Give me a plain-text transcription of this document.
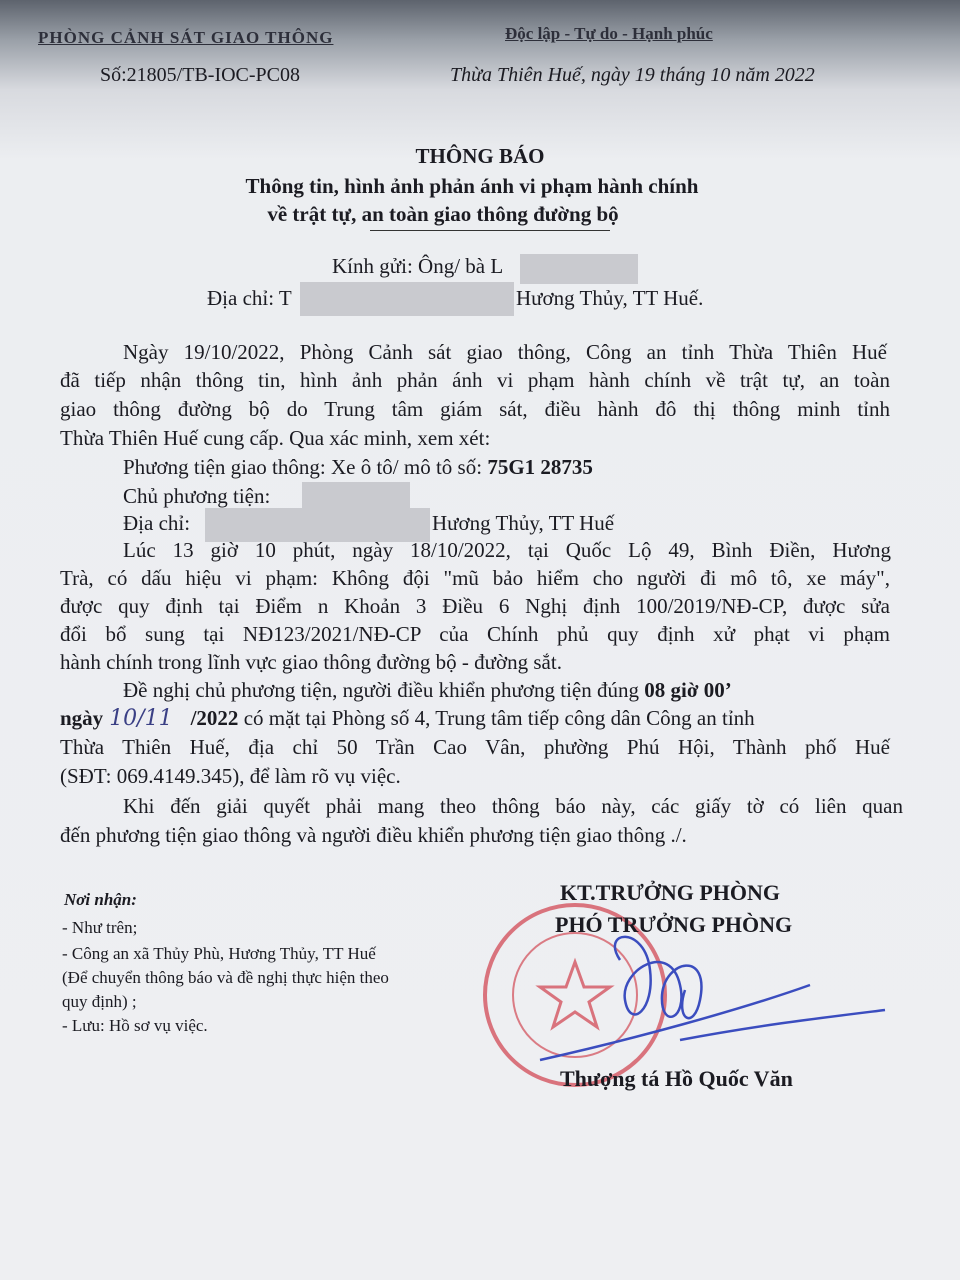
PHÒNG CẢNH SÁT GIAO THÔNG	Độc lập - Tự do - Hạnh phúc
Số:21805/TB-IOC-PC08	Thừa Thiên Huế, ngày 19 tháng 10 năm 2022
THÔNG BÁO
Thông tin, hình ảnh phản ánh vi phạm hành chính
về trật tự, an toàn giao thông đường bộ
Kính gửi: Ông/ bà L
Địa chỉ: T	Hương Thủy, TT Huế.
Ngày 19/10/2022, Phòng Cảnh sát giao thông, Công an tỉnh Thừa Thiên Huế
đã tiếp nhận thông tin, hình ảnh phản ánh vi phạm hành chính về trật tự, an toàn
giao thông đường bộ do Trung tâm giám sát, điều hành đô thị thông minh tỉnh
Thừa Thiên Huế cung cấp. Qua xác minh, xem xét:
Phương tiện giao thông: Xe ô tô/ mô tô số: 75G1 28735
Chủ phương tiện:
Địa chỉ:	Hương Thủy, TT Huế
Lúc 13 giờ 10 phút, ngày 18/10/2022, tại Quốc Lộ 49, Bình Điền, Hương
Trà, có dấu hiệu vi phạm: Không đội "mũ bảo hiểm cho người đi mô tô, xe máy",
được quy định tại Điểm n Khoản 3 Điều 6 Nghị định 100/2019/NĐ-CP, được sửa
đổi bổ sung tại NĐ123/2021/NĐ-CP của Chính phủ quy định xử phạt vi phạm
hành chính trong lĩnh vực giao thông đường bộ - đường sắt.
Đề nghị chủ phương tiện, người điều khiển phương tiện đúng 08 giờ 00’
ngày 10/11 /2022 có mặt tại Phòng số 4, Trung tâm tiếp công dân Công an tỉnh
Thừa Thiên Huế, địa chỉ 50 Trần Cao Vân, phường Phú Hội, Thành phố Huế
(SĐT: 069.4149.345), để làm rõ vụ việc.
Khi đến giải quyết phải mang theo thông báo này, các giấy tờ có liên quan
đến phương tiện giao thông và người điều khiển phương tiện giao thông ./.
Nơi nhận:
- Như trên;
- Công an xã Thủy Phù, Hương Thủy, TT Huế
(Để chuyển thông báo và đề nghị thực hiện theo
quy định) ;
- Lưu: Hồ sơ vụ việc.
KT.TRƯỞNG PHÒNG
PHÓ TRƯỞNG PHÒNG
Thượng tá Hồ Quốc Văn
